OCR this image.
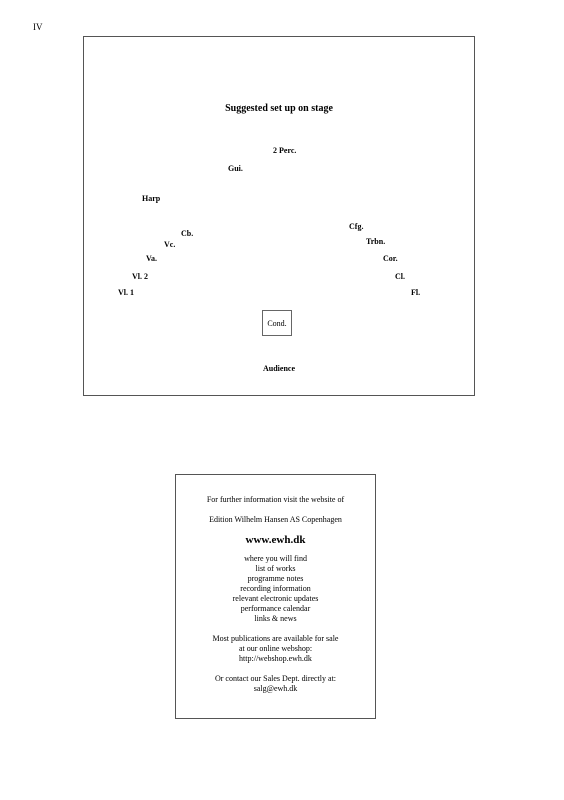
IV
Suggested set up on stage
2 Perc.
Gui.
Harp
Cb.
Vc.
Va.
Vl. 2
Vl. 1
Cfg.
Trbn.
Cor.
Cl.
Fl.
Cond.
Audience
For further information visit the website of
Edition Wilhelm Hansen AS Copenhagen
www.ewh.dk
where you will find
list of works
programme notes
recording information
relevant electronic updates
performance calendar
links & news
Most publications are available for sale
at our online webshop:
http://webshop.ewh.dk
Or contact our Sales Dept. directly at:
salg@ewh.dk
